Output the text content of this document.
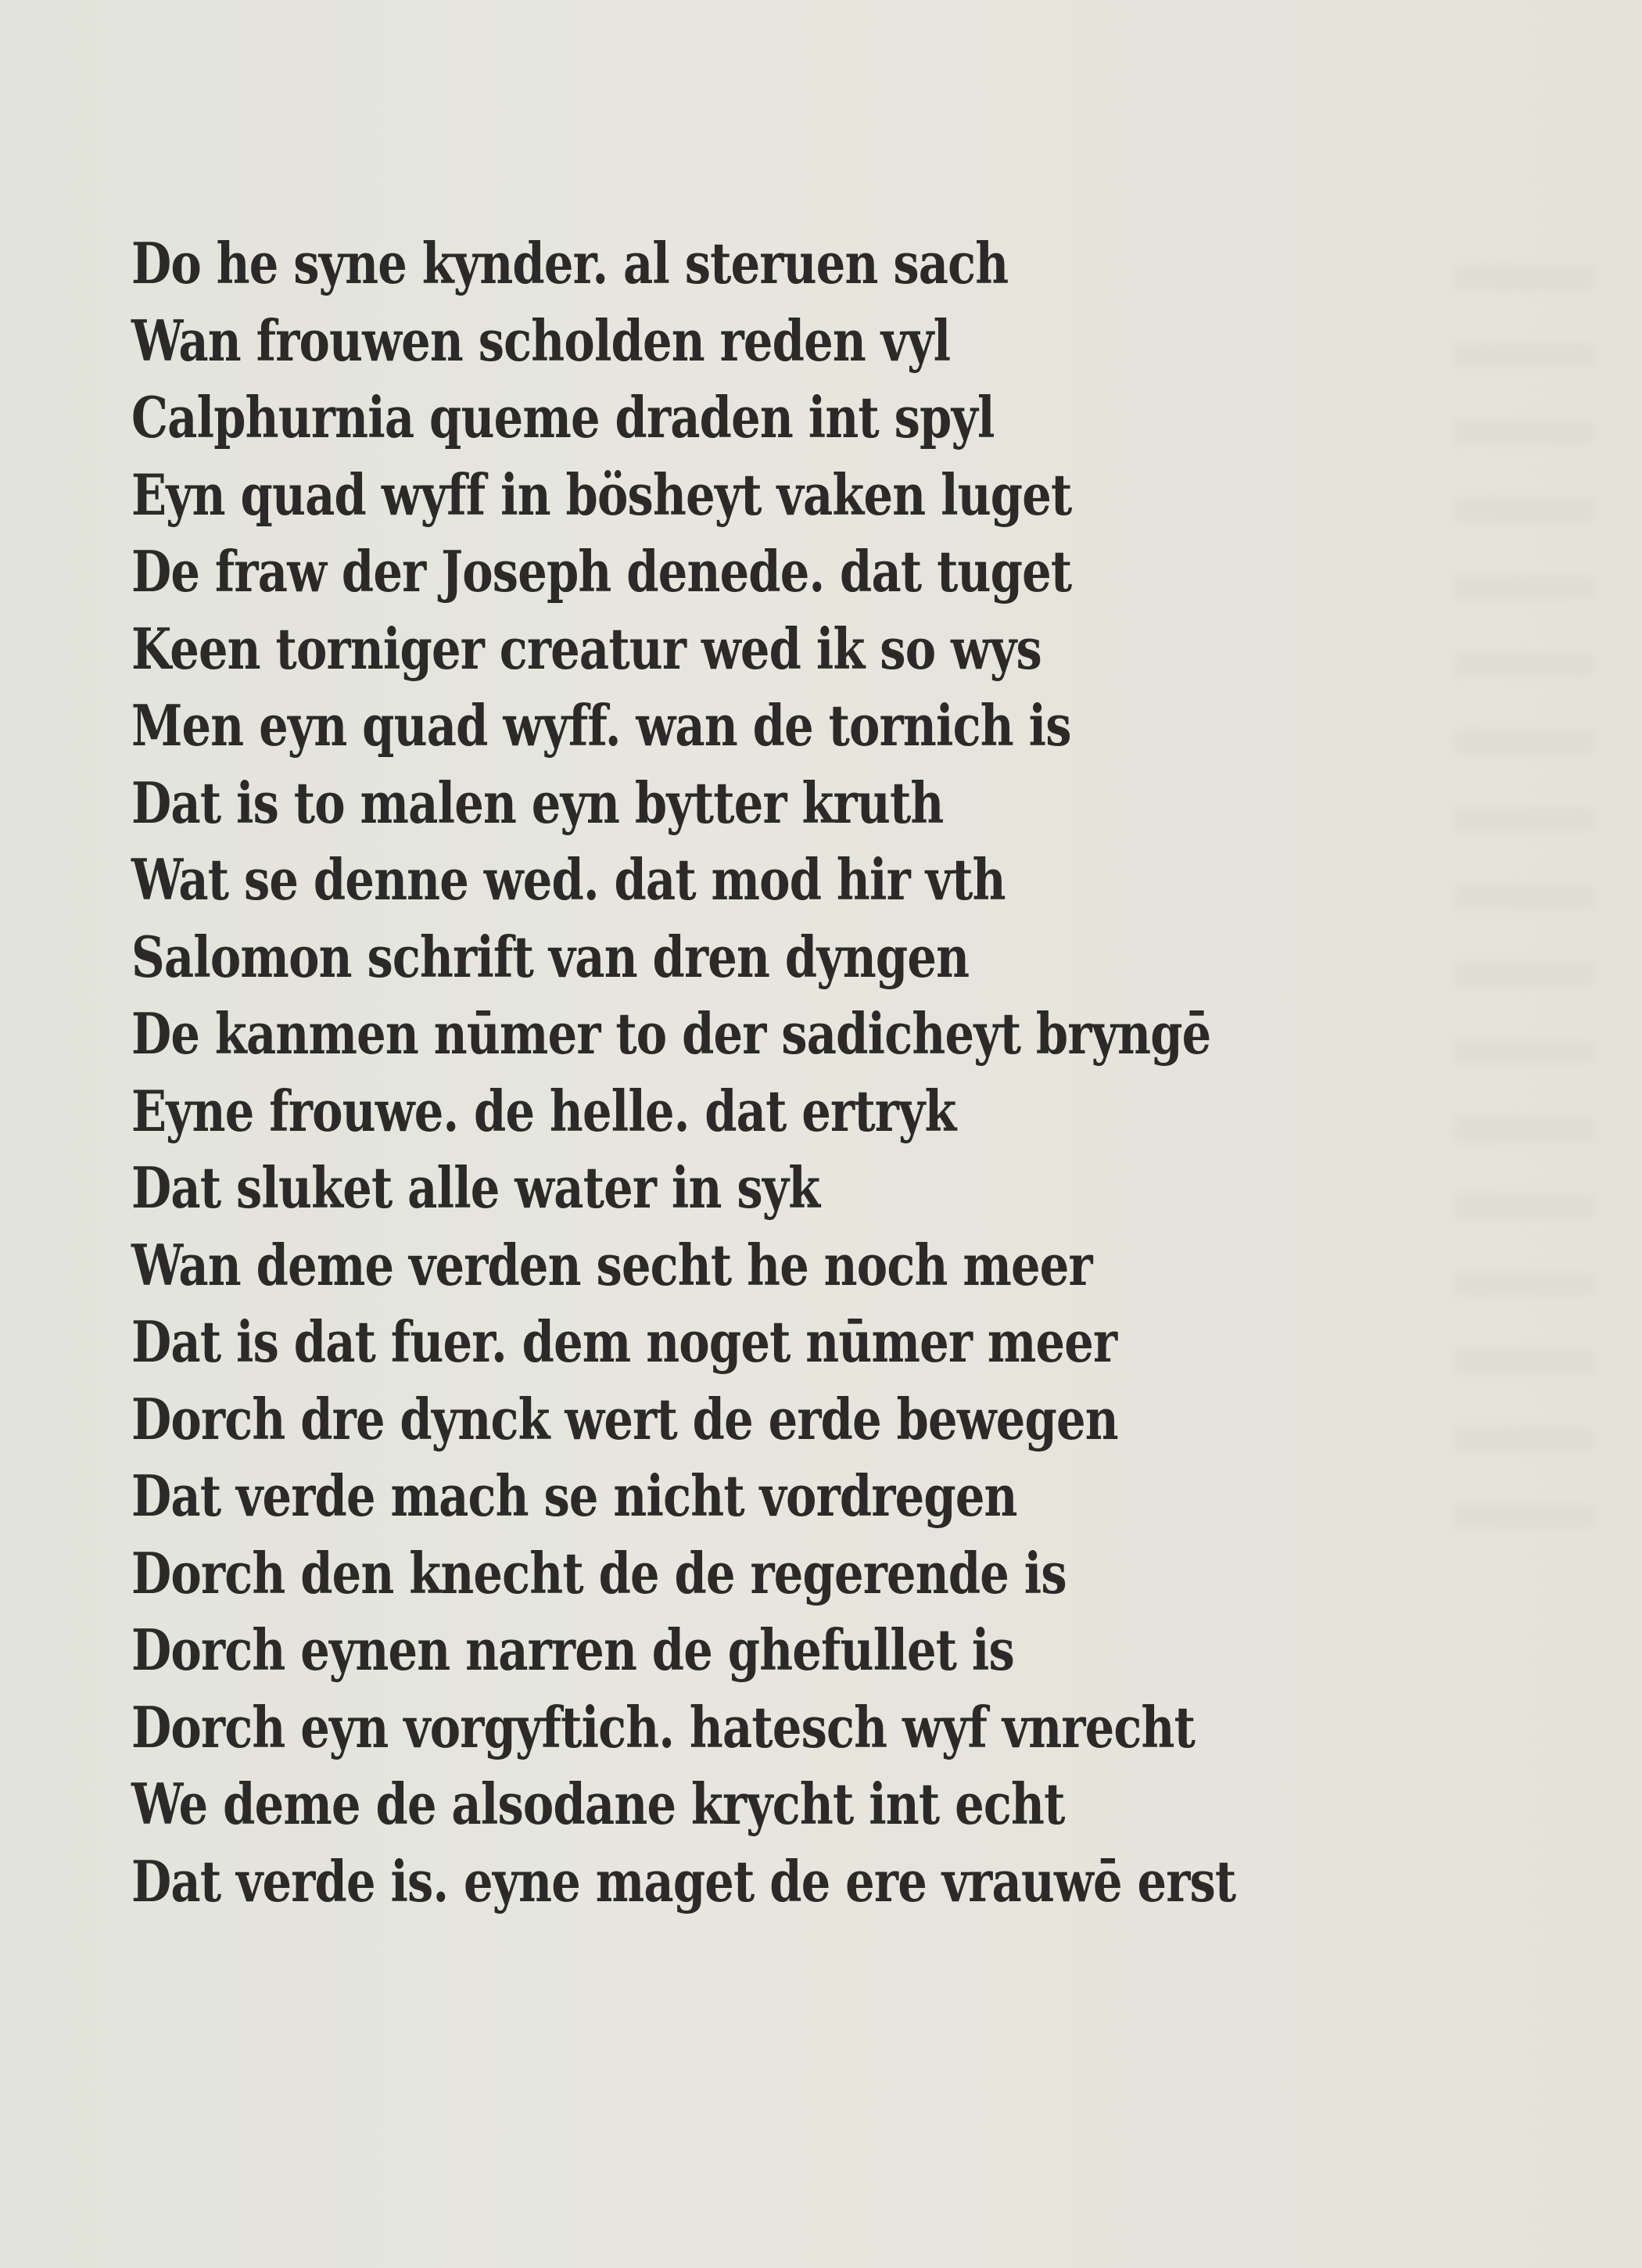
Do he syne kynder. al steruen sach
Wan frouwen scholden reden vyl
Calphurnia queme draden int spyl
Eyn quad wyff in bösheyt vaken luget
De fraw der Joseph denede. dat tuget
Keen torniger creatur wed ik so wys
Men eyn quad wyff. wan de tornich is
Dat is to malen eyn bytter kruth
Wat se denne wed. dat mod hir vth
Salomon schrift van dren dyngen
De kanmen nūmer to der sadicheyt bryngē
Eyne frouwe. de helle. dat ertryk
Dat sluket alle water in syk
Wan deme verden secht he noch meer
Dat is dat fuer. dem noget nūmer meer
Dorch dre dynck wert de erde bewegen
Dat verde mach se nicht vordregen
Dorch den knecht de de regerende is
Dorch eynen narren de ghefullet is
Dorch eyn vorgyftich. hatesch wyf vnrecht
We deme de alsodane krycht int echt
Dat verde is. eyne maget de ere vrauwē erst
